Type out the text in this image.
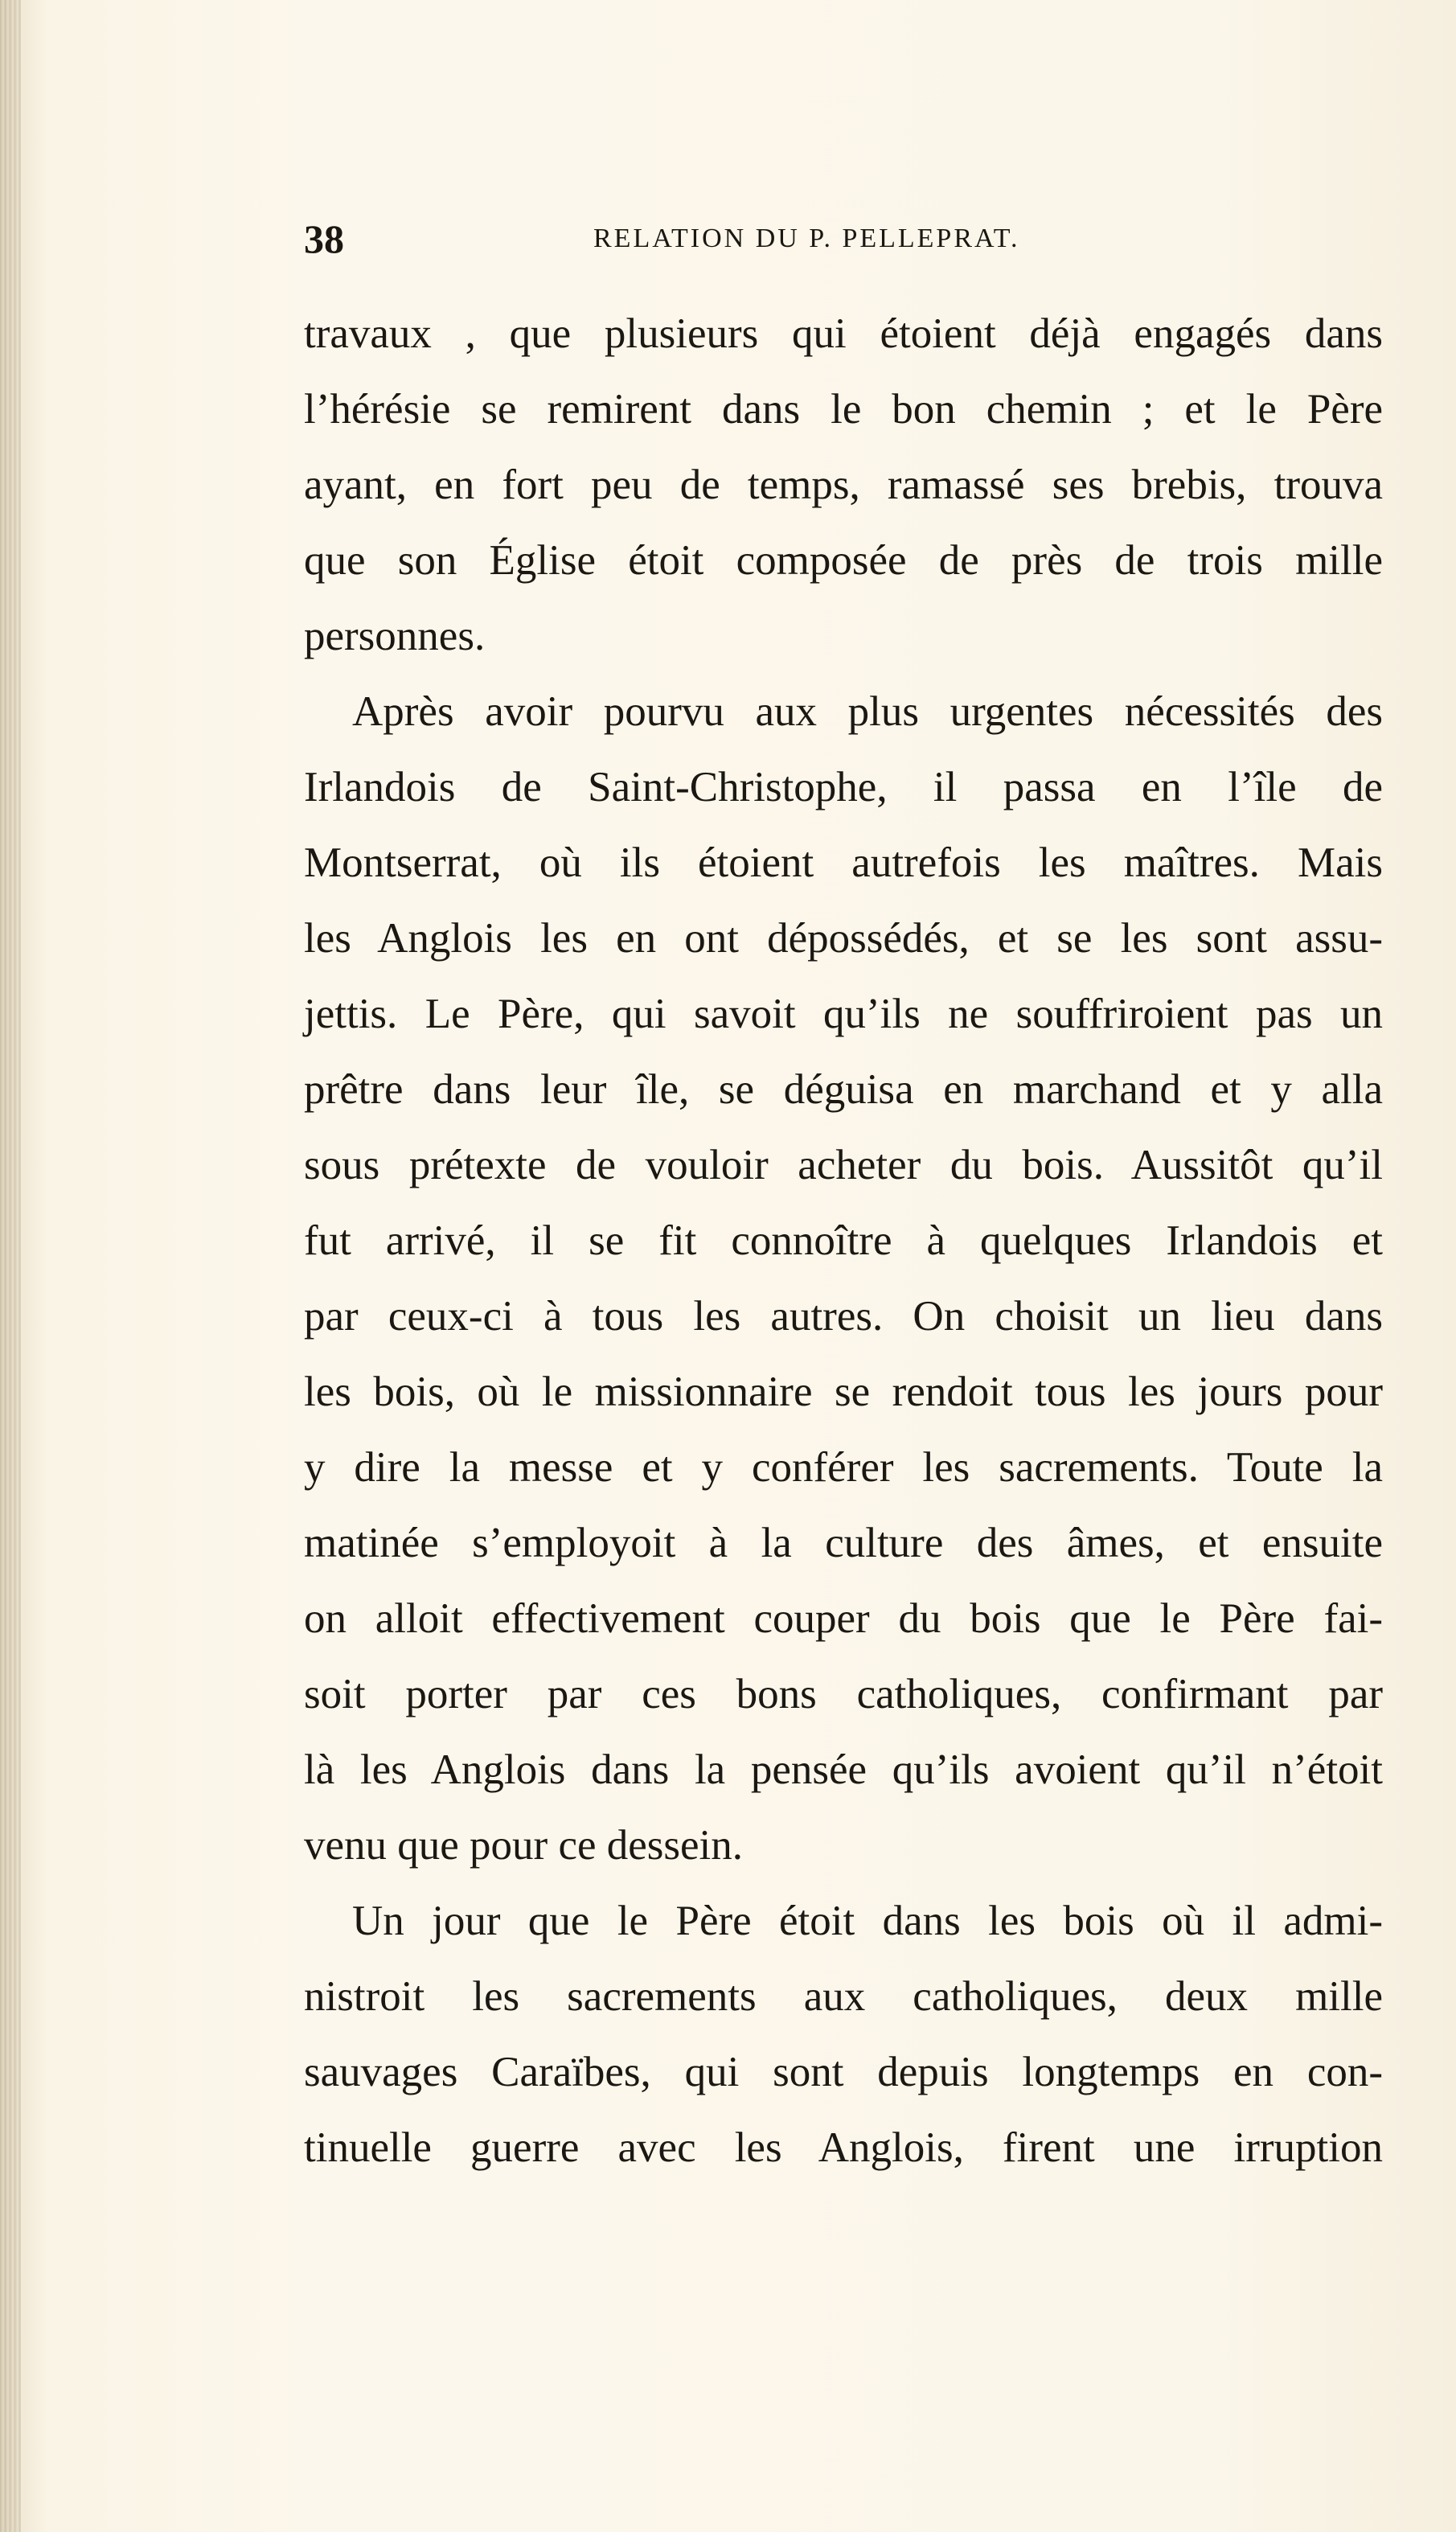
38	RELATION DU P. PELLEPRAT.
travaux , que plusieurs qui étoient déjà engagés dans
l’hérésie se remirent dans le bon chemin ; et le Père
ayant, en fort peu de temps, ramassé ses brebis, trouva
que son Église étoit composée de près de trois mille
personnes.
Après avoir pourvu aux plus urgentes nécessités des
Irlandois de Saint-Christophe, il passa en l’île de
Montserrat, où ils étoient autrefois les maîtres. Mais
les Anglois les en ont dépossédés, et se les sont assu-
jettis. Le Père, qui savoit qu’ils ne souffriroient pas un
prêtre dans leur île, se déguisa en marchand et y alla
sous prétexte de vouloir acheter du bois. Aussitôt qu’il
fut arrivé, il se fit connoître à quelques Irlandois et
par ceux-ci à tous les autres. On choisit un lieu dans
les bois, où le missionnaire se rendoit tous les jours pour
y dire la messe et y conférer les sacrements. Toute la
matinée s’employoit à la culture des âmes, et ensuite
on alloit effectivement couper du bois que le Père fai-
soit porter par ces bons catholiques, confirmant par
là les Anglois dans la pensée qu’ils avoient qu’il n’étoit
venu que pour ce dessein.
Un jour que le Père étoit dans les bois où il admi-
nistroit les sacrements aux catholiques, deux mille
sauvages Caraïbes, qui sont depuis longtemps en con-
tinuelle guerre avec les Anglois, firent une irruption
